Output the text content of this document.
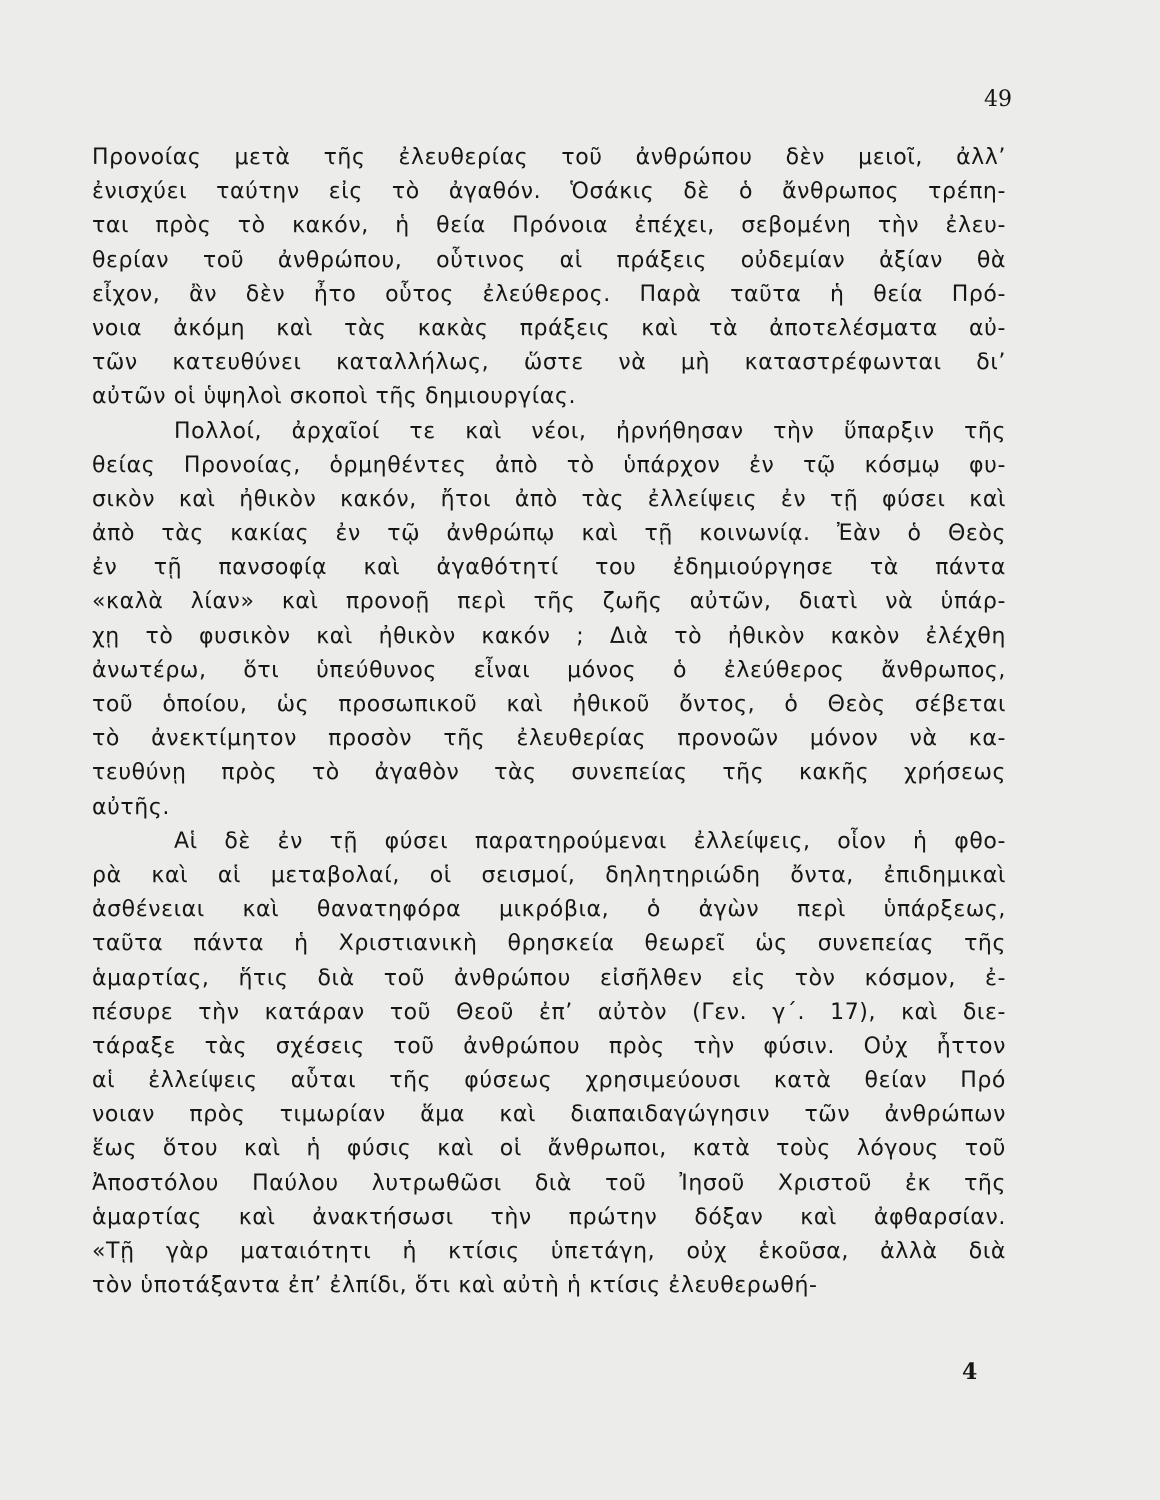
49
Προνοίας μετὰ τῆς ἐλευθερίας τοῦ ἀνθρώπου δὲν μειοῖ, ἀλλ’
ἐνισχύει ταύτην εἰς τὸ ἀγαθόν. Ὁσάκις δὲ ὁ ἄνθρωπος τρέπη-
ται πρὸς τὸ κακόν, ἡ θεία Πρόνοια ἐπέχει, σεβομένη τὴν ἐλευ-
θερίαν τοῦ ἀνθρώπου, οὗτινος αἱ πράξεις οὐδεμίαν ἀξίαν θὰ
εἶχον, ἂν δὲν ἦτο οὗτος ἐλεύθερος. Παρὰ ταῦτα ἡ θεία Πρό-
νοια ἀκόμη καὶ τὰς κακὰς πράξεις καὶ τὰ ἀποτελέσματα αὐ-
τῶν κατευθύνει καταλλήλως, ὥστε νὰ μὴ καταστρέφωνται δι’
αὐτῶν οἱ ὑψηλοὶ σκοποὶ τῆς δημιουργίας.
Πολλοί, ἀρχαῖοί τε καὶ νέοι, ἠρνήθησαν τὴν ὕπαρξιν τῆς
θείας Προνοίας, ὁρμηθέντες ἀπὸ τὸ ὑπάρχον ἐν τῷ κόσμῳ φυ-
σικὸν καὶ ἠθικὸν κακόν, ἤτοι ἀπὸ τὰς ἐλλείψεις ἐν τῇ φύσει καὶ
ἀπὸ τὰς κακίας ἐν τῷ ἀνθρώπῳ καὶ τῇ κοινωνίᾳ. Ἐὰν ὁ Θεὸς
ἐν τῇ πανσοφίᾳ καὶ ἀγαθότητί του ἐδημιούργησε τὰ πάντα
«καλὰ λίαν» καὶ προνοῇ περὶ τῆς ζωῆς αὐτῶν, διατὶ νὰ ὑπάρ-
χῃ τὸ φυσικὸν καὶ ἠθικὸν κακόν ; Διὰ τὸ ἠθικὸν κακὸν ἐλέχθη
ἀνωτέρω, ὅτι ὑπεύθυνος εἶναι μόνος ὁ ἐλεύθερος ἄνθρωπος,
τοῦ ὁποίου, ὡς προσωπικοῦ καὶ ἠθικοῦ ὄντος, ὁ Θεὸς σέβεται
τὸ ἀνεκτίμητον προσὸν τῆς ἐλευθερίας προνοῶν μόνον νὰ κα-
τευθύνῃ πρὸς τὸ ἀγαθὸν τὰς συνεπείας τῆς κακῆς χρήσεως
αὐτῆς.
Αἱ δὲ ἐν τῇ φύσει παρατηρούμεναι ἐλλείψεις, οἷον ἡ φθο-
ρὰ καὶ αἱ μεταβολαί, οἱ σεισμοί, δηλητηριώδη ὄντα, ἐπιδημικαὶ
ἀσθένειαι καὶ θανατηφόρα μικρόβια, ὁ ἀγὼν περὶ ὑπάρξεως,
ταῦτα πάντα ἡ Χριστιανικὴ θρησκεία θεωρεῖ ὡς συνεπείας τῆς
ἁμαρτίας, ἥτις διὰ τοῦ ἀνθρώπου εἰσῆλθεν εἰς τὸν κόσμον, ἐ-
πέσυρε τὴν κατάραν τοῦ Θεοῦ ἐπ’ αὐτὸν (Γεν. γ΄. 17), καὶ διε-
τάραξε τὰς σχέσεις τοῦ ἀνθρώπου πρὸς τὴν φύσιν. Οὐχ ἧττον
αἱ ἐλλείψεις αὗται τῆς φύσεως χρησιμεύουσι κατὰ θείαν Πρό
νοιαν πρὸς τιμωρίαν ἅμα καὶ διαπαιδαγώγησιν τῶν ἀνθρώπων
ἕως ὅτου καὶ ἡ φύσις καὶ οἱ ἄνθρωποι, κατὰ τοὺς λόγους τοῦ
Ἀποστόλου Παύλου λυτρωθῶσι διὰ τοῦ Ἰησοῦ Χριστοῦ ἐκ τῆς
ἁμαρτίας καὶ ἀνακτήσωσι τὴν πρώτην δόξαν καὶ ἀφθαρσίαν.
«Τῇ γὰρ ματαιότητι ἡ κτίσις ὑπετάγη, οὐχ ἑκοῦσα, ἀλλὰ διὰ
τὸν ὑποτάξαντα ἐπ’ ἐλπίδι, ὅτι καὶ αὐτὴ ἡ κτίσις ἐλευθερωθή-
4
